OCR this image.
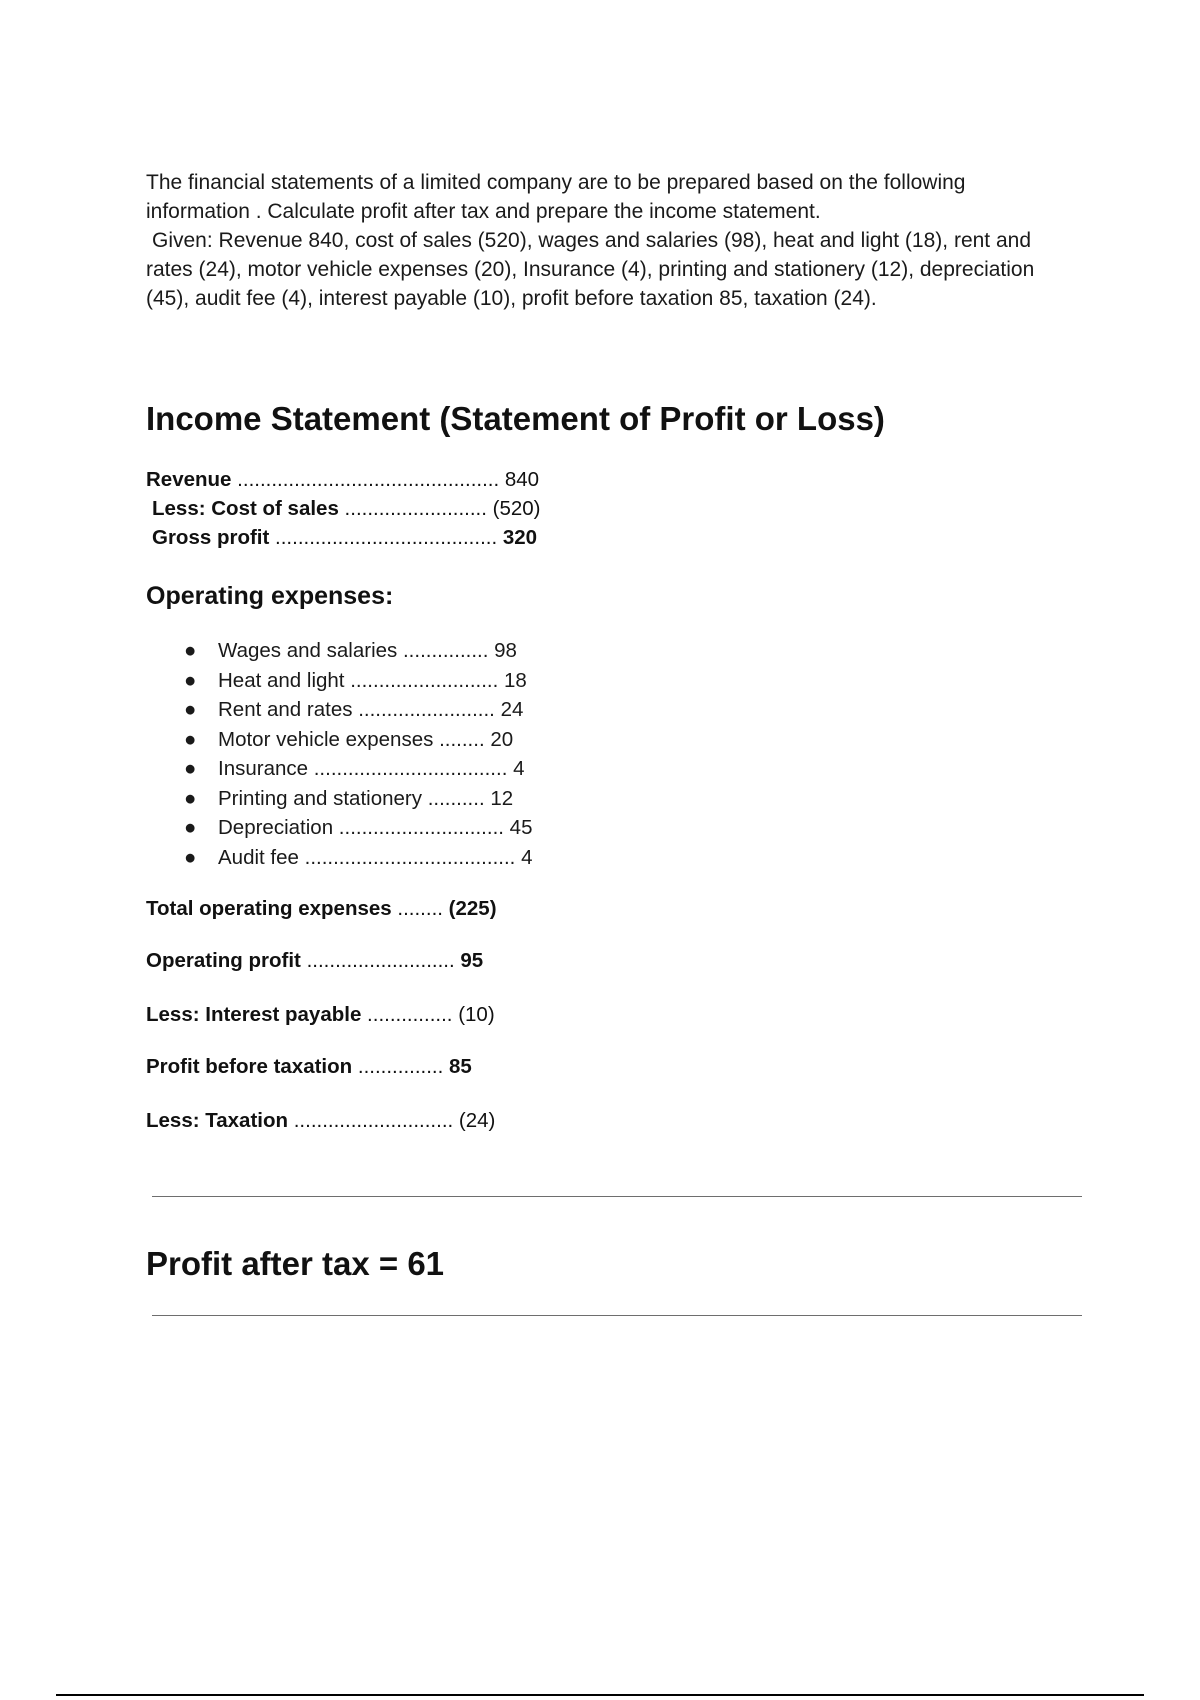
The financial statements of a limited company are to be prepared based on the following

information . Calculate profit after tax and prepare the income statement.

Given: Revenue 840, cost of sales (520), wages and salaries (98), heat and light (18), rent and

rates (24), motor vehicle expenses (20), Insurance (4), printing and stationery (12), depreciation

(45), audit fee (4), interest payable (10), profit before taxation 85, taxation (24).

Income Statement (Statement of Profit or Loss)
Revenue .............................................. 840
Less: Cost of sales ......................... (520)
Gross profit ....................................... 320
Operating expenses:
● Wages and salaries ............... 98
● Heat and light .......................... 18
● Rent and rates ........................ 24
● Motor vehicle expenses ........ 20
● Insurance .................................. 4
● Printing and stationery .......... 12
● Depreciation ............................. 45
● Audit fee ..................................... 4
Total operating expenses ........ (225)
Operating profit .......................... 95
Less: Interest payable ............... (10)
Profit before taxation ............... 85
Less: Taxation ............................ (24)
Profit after tax = 61
